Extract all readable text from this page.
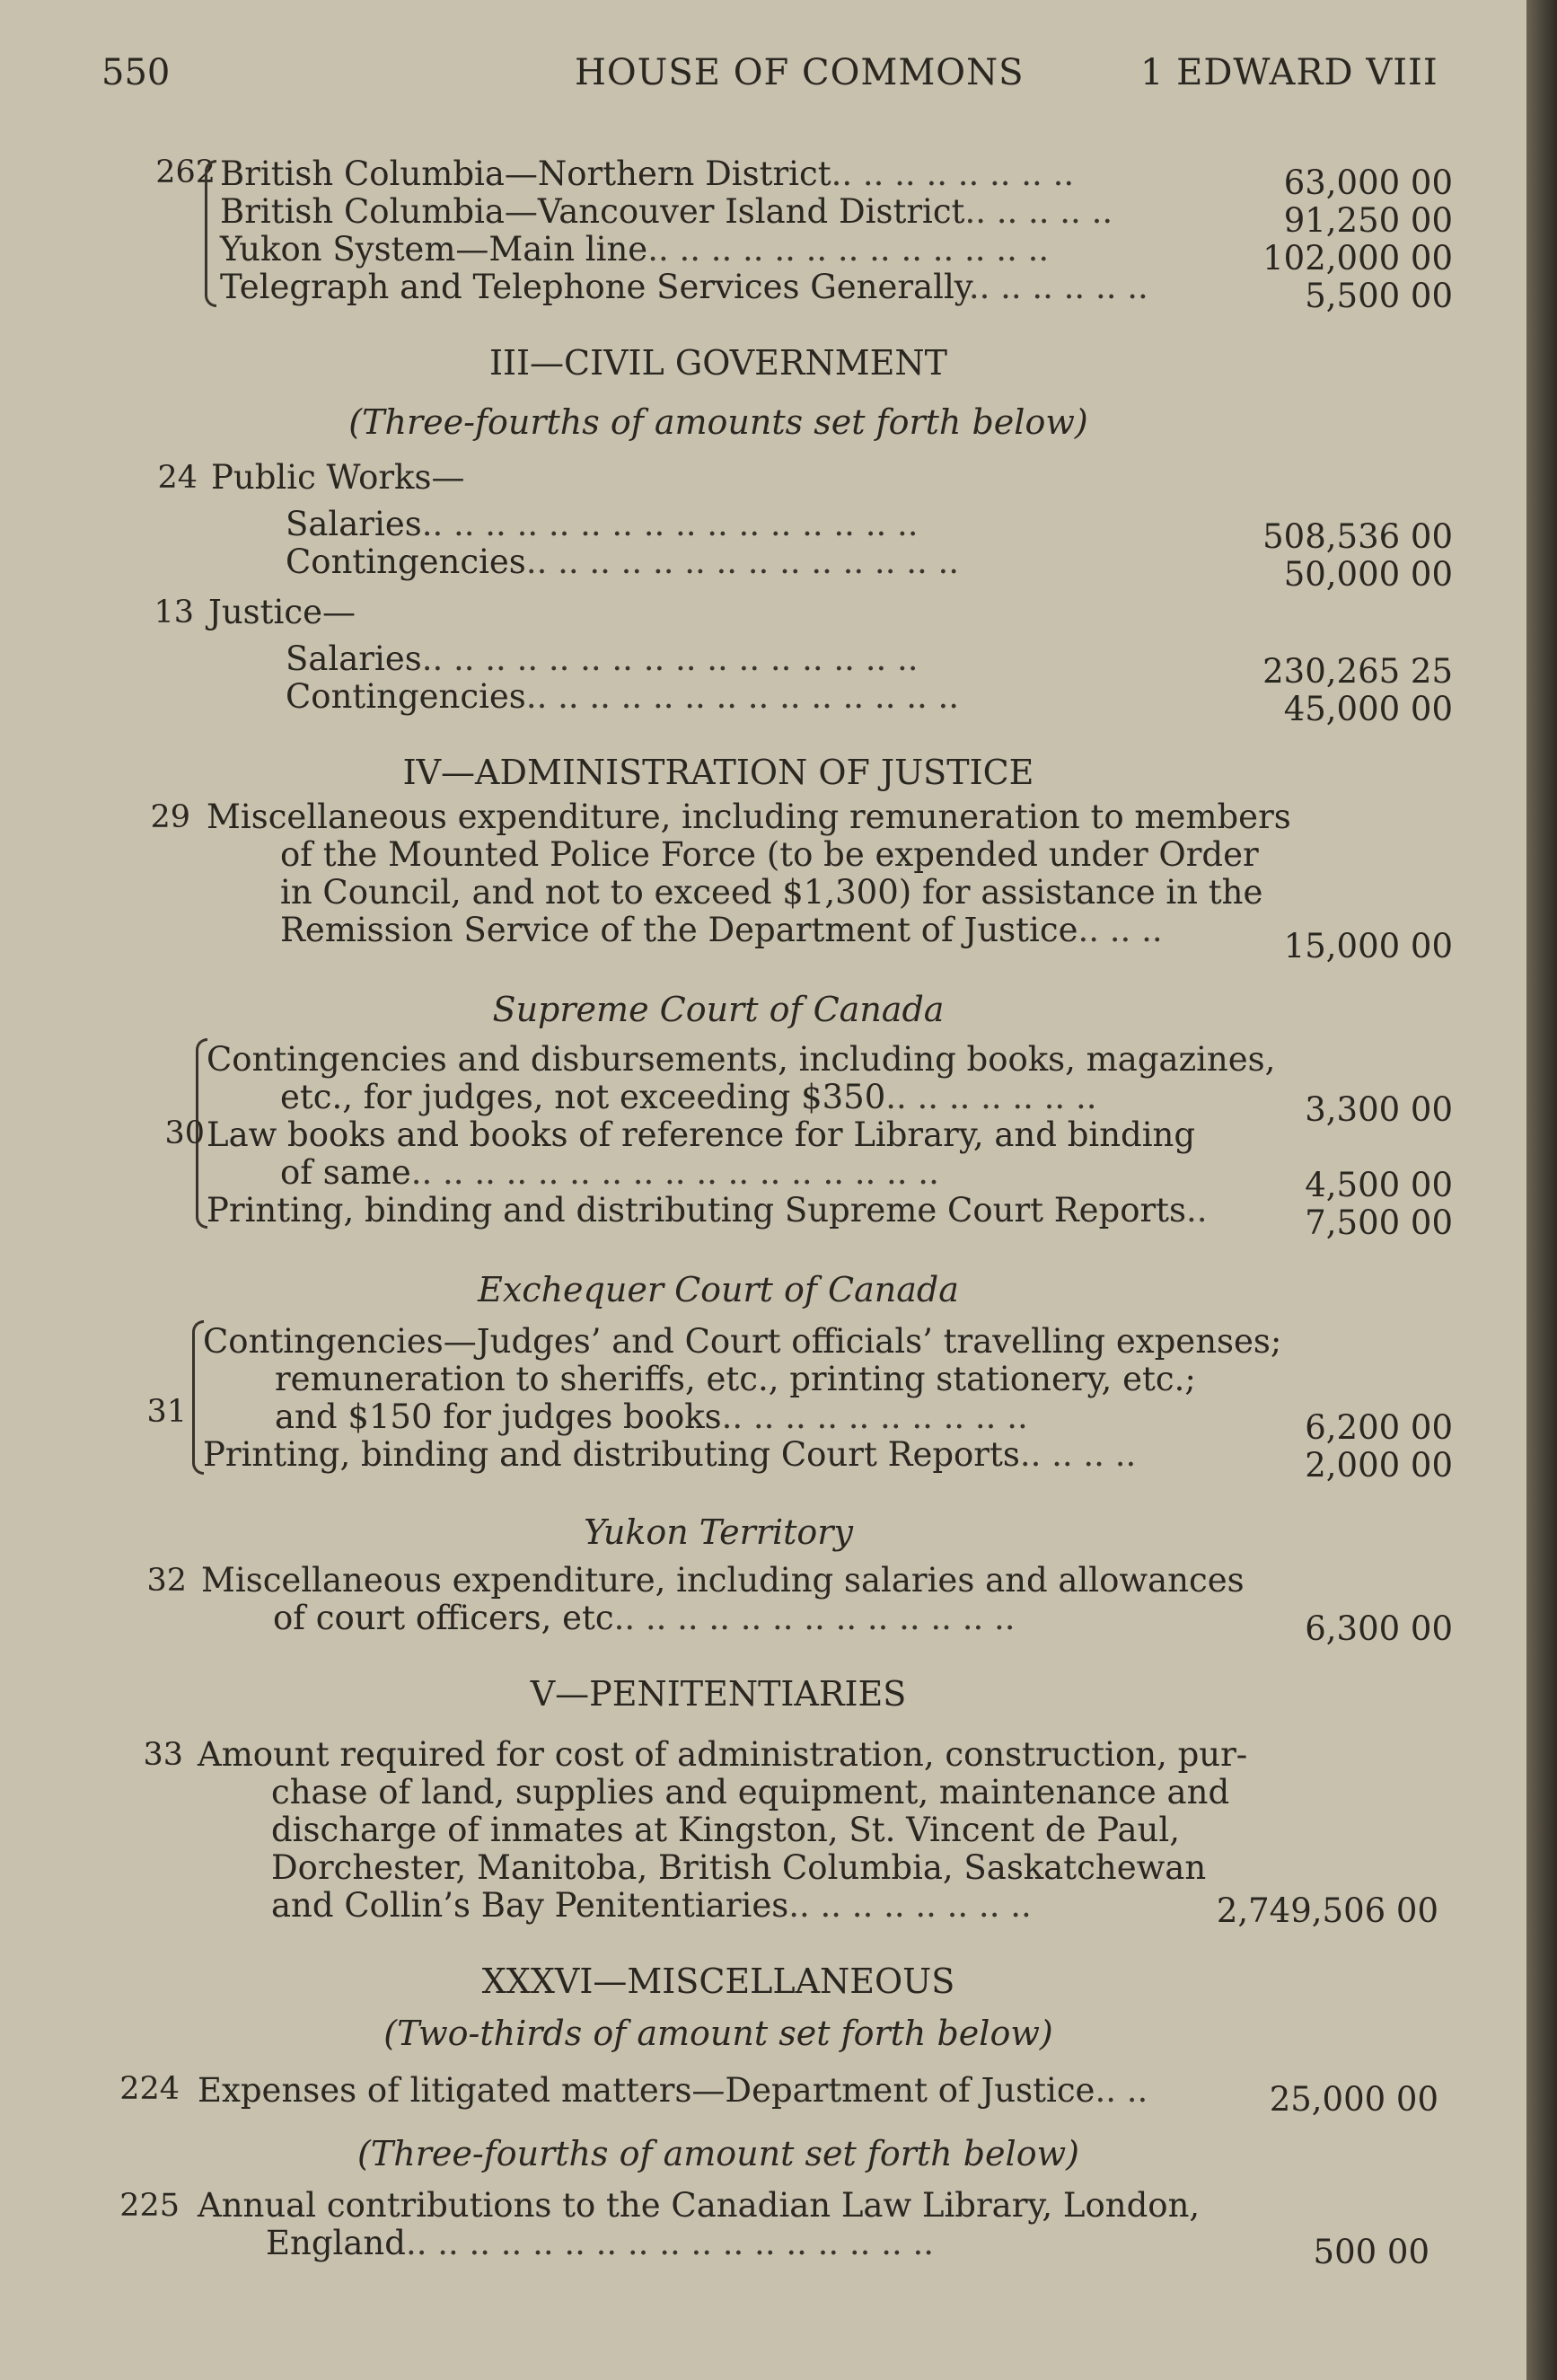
550	HOUSE OF COMMONS	1 EDWARD VIII
262 British Columbia—Northern District.. .. .. .. .. .. .. ..	63,000 00
British Columbia—Vancouver Island District.. .. .. .. ..	91,250 00
Yukon System—Main line.. .. .. .. .. .. .. .. .. .. .. .. ..	102,000 00
Telegraph and Telephone Services Generally.. .. .. .. .. ..	5,500 00
III—CIVIL GOVERNMENT
(Three-fourths of amounts set forth below)
24 Public Works—
Salaries.. .. .. .. .. .. .. .. .. .. .. .. .. .. .. ..	508,536 00
Contingencies.. .. .. .. .. .. .. .. .. .. .. .. .. ..	50,000 00
13 Justice—
Salaries.. .. .. .. .. .. .. .. .. .. .. .. .. .. .. ..	230,265 25
Contingencies.. .. .. .. .. .. .. .. .. .. .. .. .. ..	45,000 00
IV—ADMINISTRATION OF JUSTICE
29 Miscellaneous expenditure, including remuneration to members
of the Mounted Police Force (to be expended under Order
in Council, and not to exceed $1,300) for assistance in the
Remission Service of the Department of Justice.. .. ..	15,000 00
Supreme Court of Canada
30
Contingencies and disbursements, including books, magazines,
etc., for judges, not exceeding $350.. .. .. .. .. .. ..	3,300 00
Law books and books of reference for Library, and binding
of same.. .. .. .. .. .. .. .. .. .. .. .. .. .. .. .. ..	4,500 00
Printing, binding and distributing Supreme Court Reports..	7,500 00
Exchequer Court of Canada
31
Contingencies—Judges’ and Court officials’ travelling expenses;
remuneration to sheriffs, etc., printing stationery, etc.;
and $150 for judges books.. .. .. .. .. .. .. .. .. ..	6,200 00
Printing, binding and distributing Court Reports.. .. .. ..	2,000 00
Yukon Territory
32 Miscellaneous expenditure, including salaries and allowances
of court officers, etc.. .. .. .. .. .. .. .. .. .. .. .. ..	6,300 00
V—PENITENTIARIES
33 Amount required for cost of administration, construction, pur-
chase of land, supplies and equipment, maintenance and
discharge of inmates at Kingston, St. Vincent de Paul,
Dorchester, Manitoba, British Columbia, Saskatchewan
and Collin’s Bay Penitentiaries.. .. .. .. .. .. .. ..	2,749,506 00
XXXVI—MISCELLANEOUS
(Two-thirds of amount set forth below)
224 Expenses of litigated matters—Department of Justice.. ..	25,000 00
(Three-fourths of amount set forth below)
225 Annual contributions to the Canadian Law Library, London,
England.. .. .. .. .. .. .. .. .. .. .. .. .. .. .. .. ..	500 00
